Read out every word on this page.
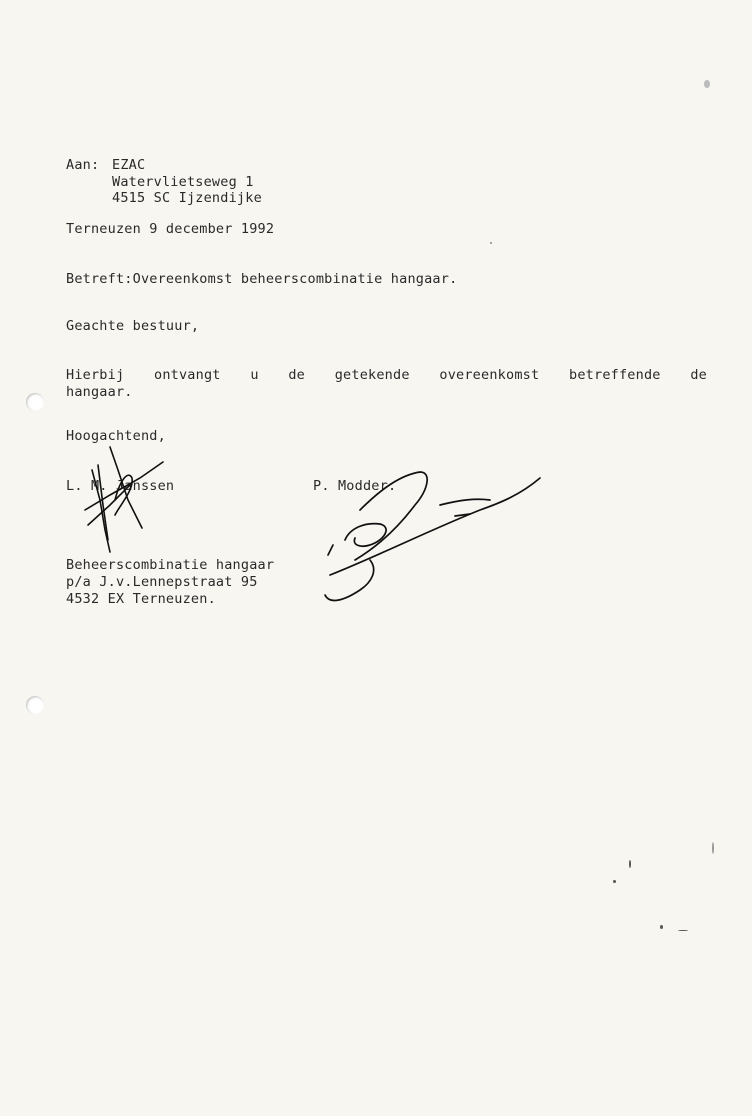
Aan: EZAC
Watervlietseweg 1
4515 SC Ijzendijke
Terneuzen 9 december 1992
Betreft:Overeenkomst beheerscombinatie hangaar.
Geachte bestuur,
Hierbij ontvangt u de getekende overeenkomst betreffende de
hangaar.
Hoogachtend,
L. M. Janssen	P. Modder.
Beheerscombinatie hangaar
p/a J.v.Lennepstraat 95
4532 EX Terneuzen.
